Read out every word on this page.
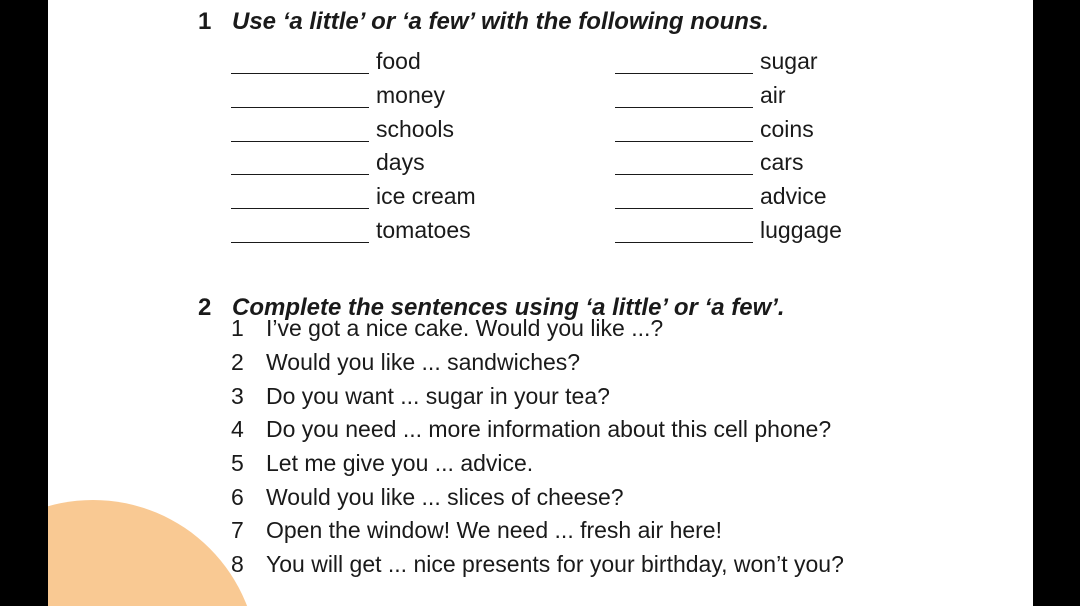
1 Use ‘a little’ or ‘a few’ with the following nouns.
food
money
schools
days
ice cream
tomatoes
sugar
air
coins
cars
advice
luggage
2 Complete the sentences using ‘a little’ or ‘a few’.
1 I’ve got a nice cake. Would you like ...?
2 Would you like ... sandwiches?
3 Do you want ... sugar in your tea?
4 Do you need ... more information about this cell phone?
5 Let me give you ... advice.
6 Would you like ... slices of cheese?
7 Open the window! We need ... fresh air here!
8 You will get ... nice presents for your birthday, won’t you?
